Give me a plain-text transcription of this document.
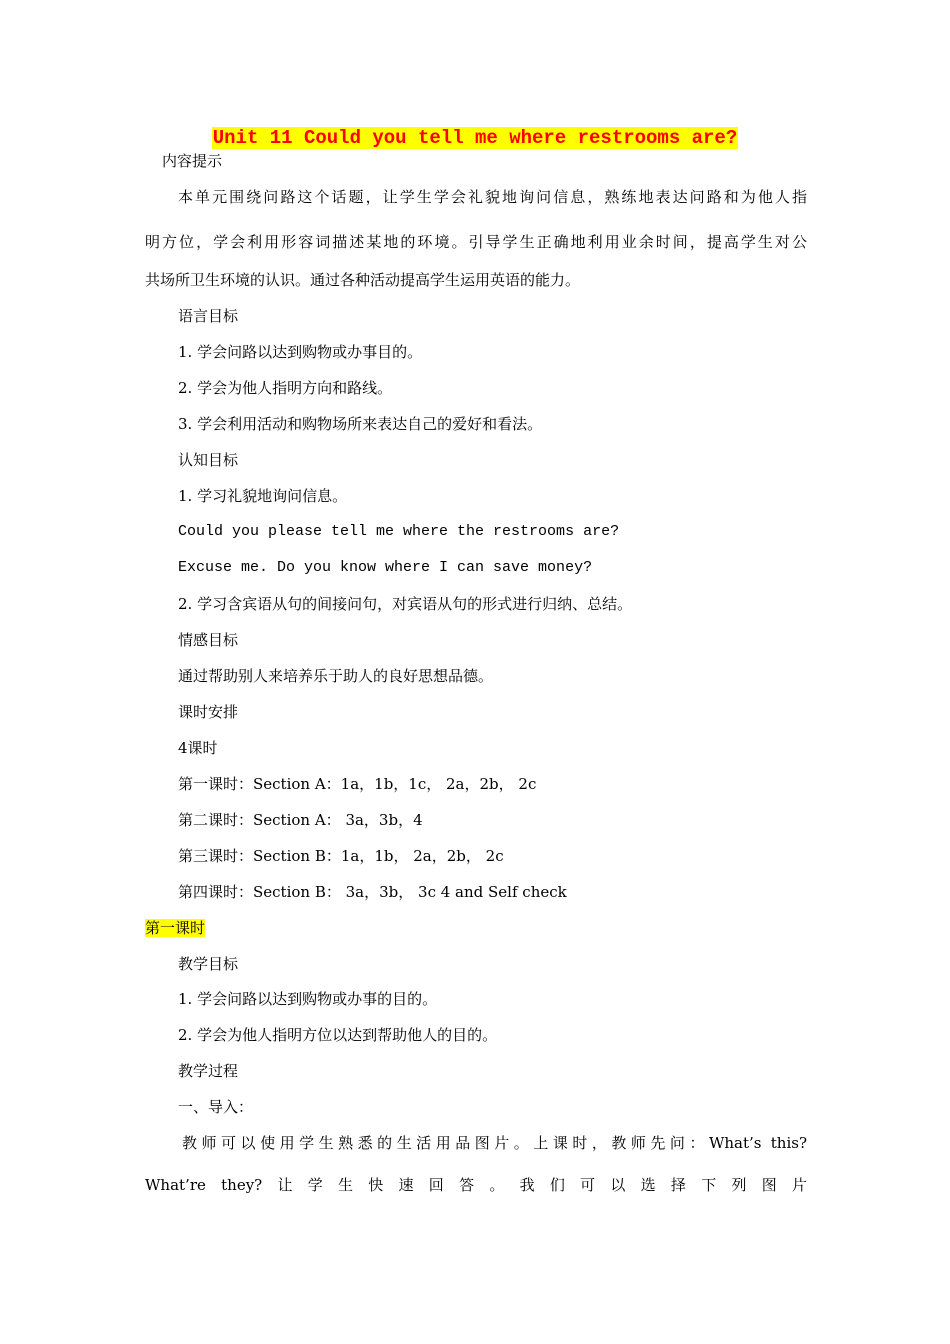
Unit 11 Could you tell me where restrooms are?
内容提示
本单元围绕问路这个话题，让学生学会礼貌地询问信息，熟练地表达问路和为他人指
明方位，学会利用形容词描述某地的环境。引导学生正确地利用业余时间，提高学生对公
共场所卫生环境的认识。通过各种活动提高学生运用英语的能力。
语言目标
1. 学会问路以达到购物或办事目的。
2. 学会为他人指明方向和路线。
3. 学会利用活动和购物场所来表达自己的爱好和看法。
认知目标
1. 学习礼貌地询问信息。
Could you please tell me where the restrooms are?
Excuse me. Do you know where I can save money?
2. 学习含宾语从句的间接问句，对宾语从句的形式进行归纳、总结。
情感目标
通过帮助别人来培养乐于助人的良好思想品德。
课时安排
4课时
第一课时：Section A：1a，1b，1c， 2a，2b， 2c
第二课时：Section A： 3a，3b，4
第三课时：Section B：1a，1b， 2a，2b， 2c
第四课时：Section B： 3a，3b， 3c 4 and Self check
第一课时
教学目标
1. 学会问路以达到购物或办事的目的。
2. 学会为他人指明方位以达到帮助他人的目的。
教学过程
一、导入：
教师可以使用学生熟悉的生活用品图片。上课时，教师先问：What’s this?
What’re they? 让 学 生 快 速 回 答 。 我 们 可 以 选 择 下 列 图 片
